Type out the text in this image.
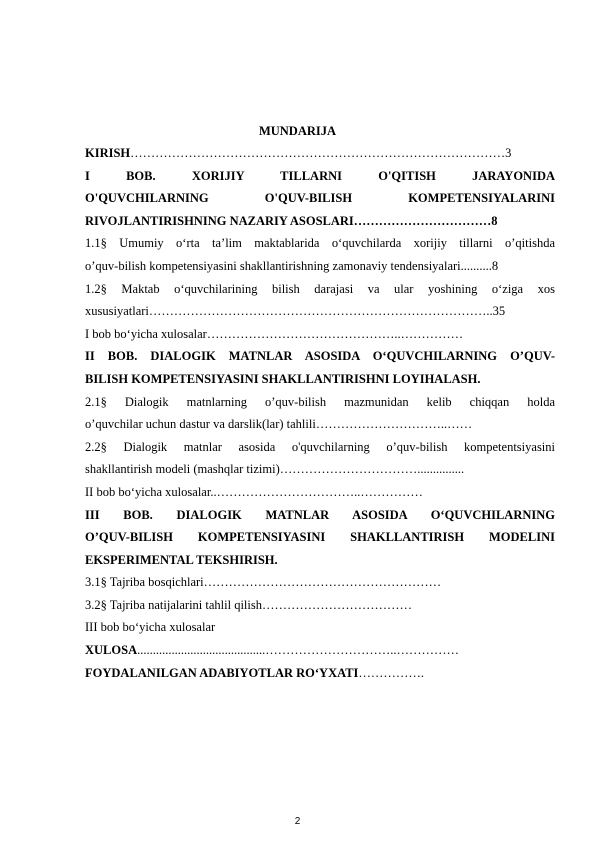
MUNDARIJA
KIRISH………………………………………………………………………………3
I BOB. XORIJIY TILLARNI O'QITISH JARAYONIDA
O'QUVCHILARNING O'QUV-BILISH KOMPETENSIYALARINI
RIVOJLANTIRISHNING NAZARIY ASOSLARI……………………………8
1.1§ Umumiy o‘rta ta’lim maktablarida o‘quvchilarda xorijiy tillarni o’qitishda
o’quv-bilish kompetensiyasini shakllantirishning zamonaviy tendensiyalari..........8
1.2§ Maktab o‘quvchilarining bilish darajasi va ular yoshining o‘ziga xos
xususiyatlari………………………………………………………………………..35
I bob bo‘yicha xulosalar………………………………………..……………
II BOB. DIALOGIK MATNLAR ASOSIDA O‘QUVCHILARNING O’QUV-
BILISH KOMPETENSIYASINI SHAKLLANTIRISHNI LOYIHALASH.
2.1§ Dialogik matnlarning o’quv-bilish mazmunidan kelib chiqqan holda
o’quvchilar uchun dastur va darslik(lar) tahlili…………………………..……
2.2§ Dialogik matnlar asosida o'quvchilarning o’quv-bilish kompetentsiyasini
shakllantirish modeli (mashqlar tizimi)……………………………...............
II bob bo‘yicha xulosalar..……………………………..……………
III BOB. DIALOGIK MATNLAR ASOSIDA O‘QUVCHILARNING
O’QUV-BILISH KOMPETENSIYASINI SHAKLLANTIRISH MODELINI
EKSPERIMENTAL TEKSHIRISH.
3.1§ Tajriba bosqichlari…………………………………………………
3.2§ Tajriba natijalarini tahlil qilish………………………………
III bob bo‘yicha xulosalar
XULOSA.........................................…………………………..……………
FOYDALANILGAN ADABIYOTLAR RO‘YXATI…………….
2
